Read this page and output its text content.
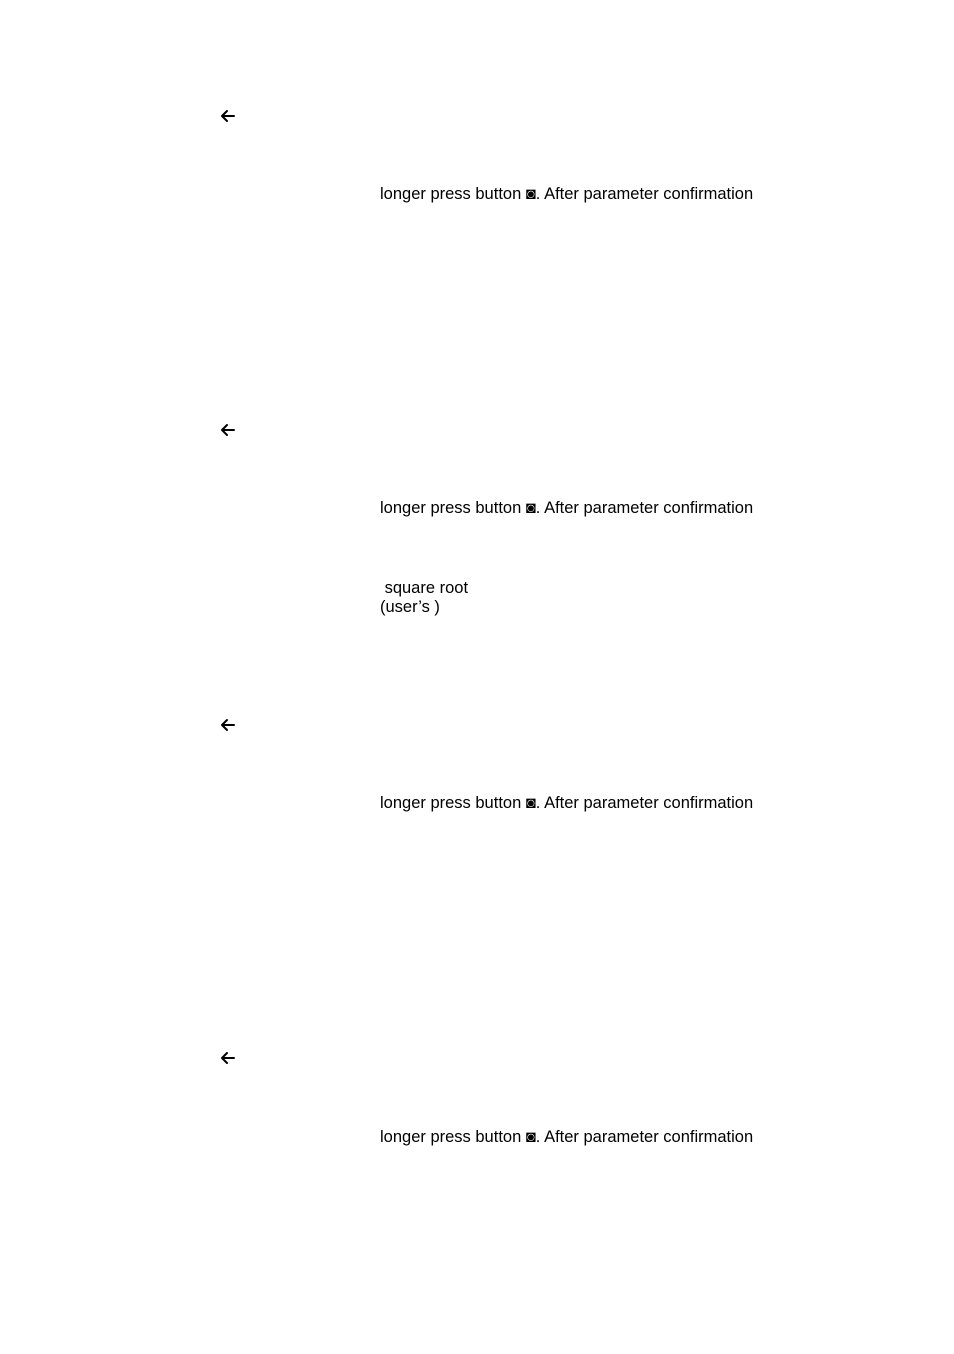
longer press button ◙. After parameter confirmation
longer press button ◙. After parameter confirmation
square root
(user’s )
longer press button ◙. After parameter confirmation
longer press button ◙. After parameter confirmation
